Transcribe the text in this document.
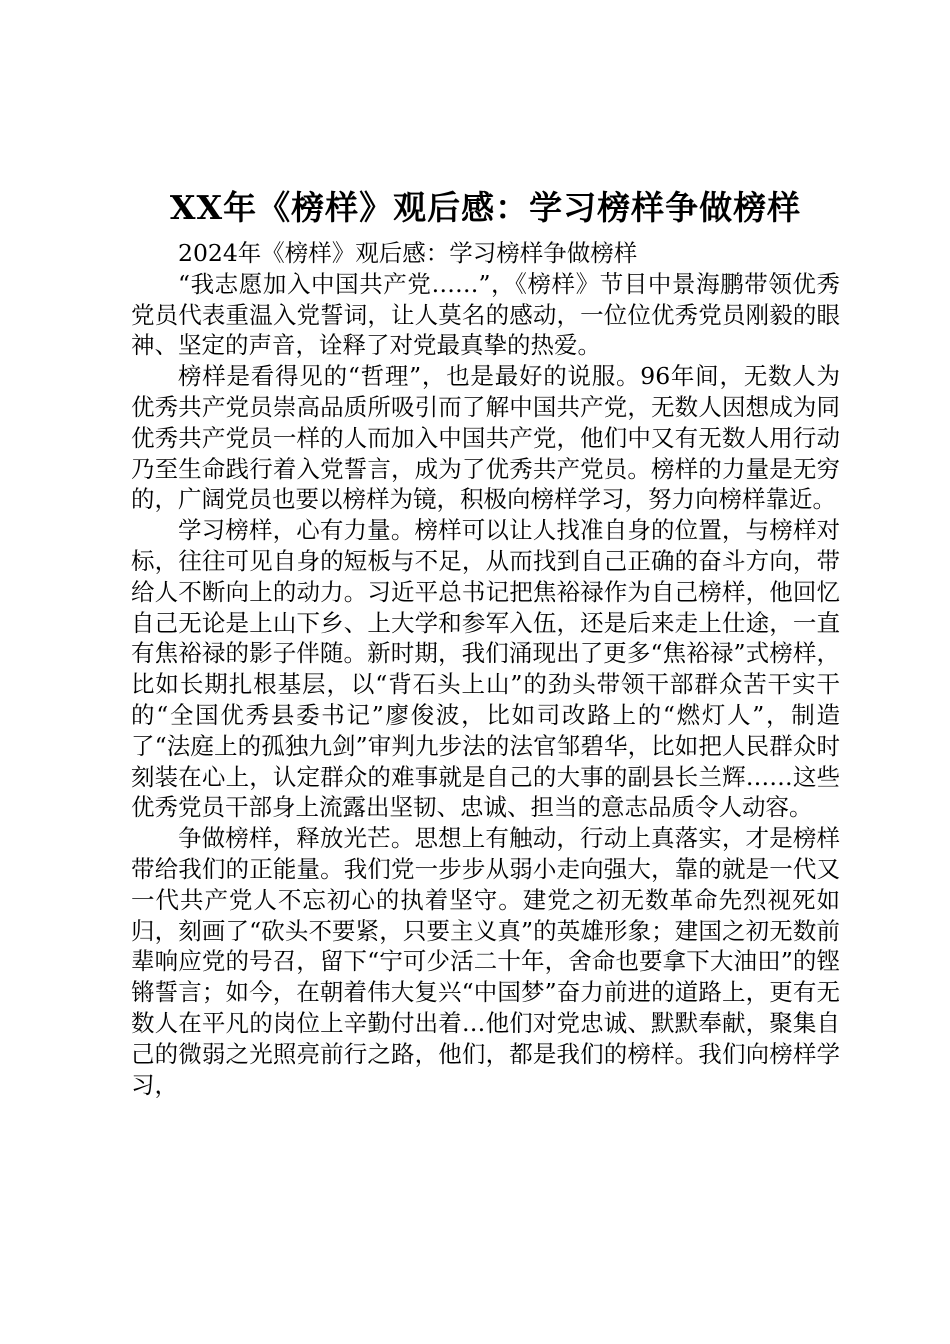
XX年《榜样》观后感：学习榜样争做榜样

2024年《榜样》观后感：学习榜样争做榜样

“我志愿加入中国共产党……”，《榜样》节目中景海鹏带领优秀党员代表重温入党誓词，让人莫名的感动，一位位优秀党员刚毅的眼神、坚定的声音，诠释了对党最真挚的热爱。

榜样是看得见的“哲理”，也是最好的说服。96年间，无数人为优秀共产党员崇高品质所吸引而了解中国共产党，无数人因想成为同优秀共产党员一样的人而加入中国共产党，他们中又有无数人用行动乃至生命践行着入党誓言，成为了优秀共产党员。榜样的力量是无穷的，广阔党员也要以榜样为镜，积极向榜样学习，努力向榜样靠近。

学习榜样，心有力量。榜样可以让人找准自身的位置，与榜样对标，往往可见自身的短板与不足，从而找到自己正确的奋斗方向，带给人不断向上的动力。习近平总书记把焦裕禄作为自己榜样，他回忆自己无论是上山下乡、上大学和参军入伍，还是后来走上仕途，一直有焦裕禄的影子伴随。新时期，我们涌现出了更多“焦裕禄”式榜样，比如长期扎根基层，以“背石头上山”的劲头带领干部群众苦干实干的“全国优秀县委书记”廖俊波，比如司改路上的“燃灯人”，制造了“法庭上的孤独九剑”审判九步法的法官邹碧华，比如把人民群众时刻装在心上，认定群众的难事就是自己的大事的副县长兰辉……这些优秀党员干部身上流露出坚韧、忠诚、担当的意志品质令人动容。

争做榜样，释放光芒。思想上有触动，行动上真落实，才是榜样带给我们的正能量。我们党一步步从弱小走向强大，靠的就是一代又一代共产党人不忘初心的执着坚守。建党之初无数革命先烈视死如归，刻画了“砍头不要紧，只要主义真”的英雄形象；建国之初无数前辈响应党的号召，留下“宁可少活二十年，舍命也要拿下大油田”的铿锵誓言；如今，在朝着伟大复兴“中国梦”奋力前进的道路上，更有无数人在平凡的岗位上辛勤付出着…他们对党忠诚、默默奉献，聚集自己的微弱之光照亮前行之路，他们，都是我们的榜样。我们向榜样学习，
